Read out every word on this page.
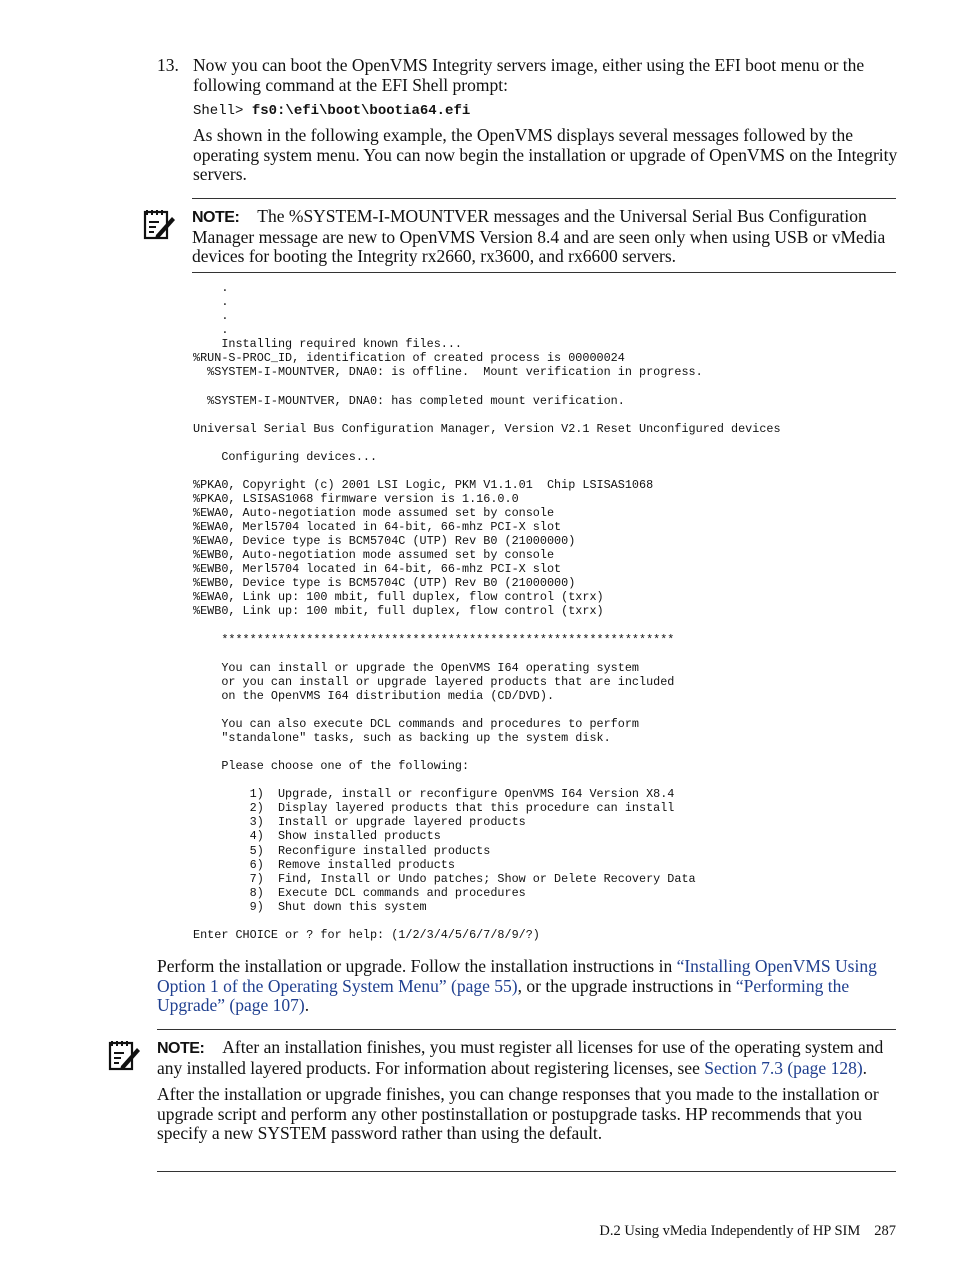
13. Now you can boot the OpenVMS Integrity servers image, either using the EFI boot menu or the following command at the EFI Shell prompt:

Shell> fs0:\efi\boot\bootia64.efi

As shown in the following example, the OpenVMS displays several messages followed by the operating system menu. You can now begin the installation or upgrade of OpenVMS on the Integrity servers.

NOTE: The %SYSTEM-I-MOUNTVER messages and the Universal Serial Bus Configuration Manager message are new to OpenVMS Version 8.4 and are seen only when using USB or vMedia devices for booting the Integrity rx2660, rx3600, and rx6600 servers.
.
.
.
.
Installing required known files...
%RUN-S-PROC_ID, identification of created process is 00000024
%SYSTEM-I-MOUNTVER, DNA0: is offline.  Mount verification in progress.

%SYSTEM-I-MOUNTVER, DNA0: has completed mount verification.

Universal Serial Bus Configuration Manager, Version V2.1 Reset Unconfigured devices

Configuring devices...

%PKA0, Copyright (c) 2001 LSI Logic, PKM V1.1.01  Chip LSISAS1068
%PKA0, LSISAS1068 firmware version is 1.16.0.0
%EWA0, Auto-negotiation mode assumed set by console
%EWA0, Merl5704 located in 64-bit, 66-mhz PCI-X slot
%EWA0, Device type is BCM5704C (UTP) Rev B0 (21000000)
%EWB0, Auto-negotiation mode assumed set by console
%EWB0, Merl5704 located in 64-bit, 66-mhz PCI-X slot
%EWB0, Device type is BCM5704C (UTP) Rev B0 (21000000)
%EWA0, Link up: 100 mbit, full duplex, flow control (txrx)
%EWB0, Link up: 100 mbit, full duplex, flow control (txrx)

****************************************************************

You can install or upgrade the OpenVMS I64 operating system
or you can install or upgrade layered products that are included
on the OpenVMS I64 distribution media (CD/DVD).

You can also execute DCL commands and procedures to perform
"standalone" tasks, such as backing up the system disk.

Please choose one of the following:

1)  Upgrade, install or reconfigure OpenVMS I64 Version X8.4
2)  Display layered products that this procedure can install
3)  Install or upgrade layered products
4)  Show installed products
5)  Reconfigure installed products
6)  Remove installed products
7)  Find, Install or Undo patches; Show or Delete Recovery Data
8)  Execute DCL commands and procedures
9)  Shut down this system

Enter CHOICE or ? for help: (1/2/3/4/5/6/7/8/9/?)

Perform the installation or upgrade. Follow the installation instructions in “Installing OpenVMS Using Option 1 of the Operating System Menu” (page 55), or the upgrade instructions in “Performing the Upgrade” (page 107).

NOTE: After an installation finishes, you must register all licenses for use of the operating system and any installed layered products. For information about registering licenses, see Section 7.3 (page 128).
After the installation or upgrade finishes, you can change responses that you made to the installation or upgrade script and perform any other postinstallation or postupgrade tasks. HP recommends that you specify a new SYSTEM password rather than using the default.
D.2 Using vMedia Independently of HP SIM 287
